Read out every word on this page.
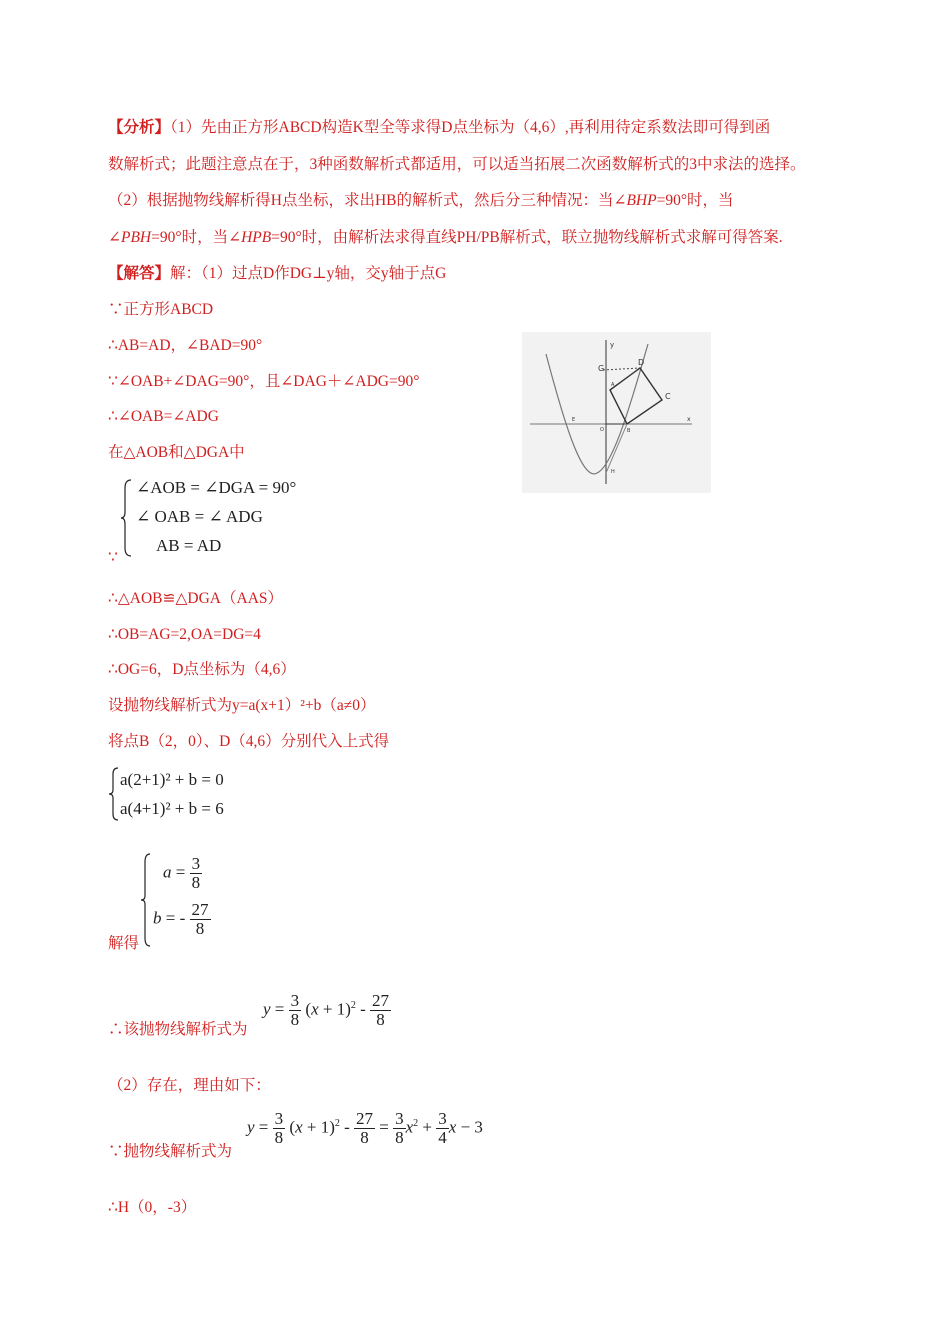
【分析】（1）先由正方形ABCD构造K型全等求得D点坐标为（4,6）,再利用待定系数法即可得到函
数解析式；此题注意点在于，3种函数解析式都适用，可以适当拓展二次函数解析式的3中求法的选择。
（2）根据抛物线解析得H点坐标，求出HB的解析式，然后分三种情况：当∠BHP=90°时，当
∠PBH=90°时，当∠HPB=90°时，由解析法求得直线PH/PB解析式，联立抛物线解析式求解可得答案.
【解答】解：（1）过点D作DG⊥y轴，交y轴于点G
∵正方形ABCD
∴AB=AD，∠BAD=90°
∵∠OAB+∠DAG=90°，且∠DAG＋∠ADG=90°
∴∠OAB=∠ADG
在△AOB和△DGA中
G
D
C
A
B
E
H
y
x
O
∠AOB = ∠DGA = 90°
∠ OAB = ∠ ADG
AB = AD
∵
∴△AOB≌△DGA（AAS）
∴OB=AG=2,OA=DG=4
∴OG=6，D点坐标为（4,6）
设抛物线解析式为y=a(x+1）²+b（a≠0）
将点B（2，0）、D（4,6）分别代入上式得
a(2+1)² + b = 0
a(4+1)² + b = 6
$a = \frac{3}{8}$
b = - $\frac{27}{8}$
解得
∴该抛物线解析式为
$y = \frac{3}{8} (x + 1)^2 - \frac{27}{8}$
（2）存在，理由如下：
∵抛物线解析式为
$y = \frac{3}{8} (x + 1)^2 - \frac{27}{8} = \frac{3}{8} x^2 + \frac{3}{4}$ x − 3
∴H（0，-3）
